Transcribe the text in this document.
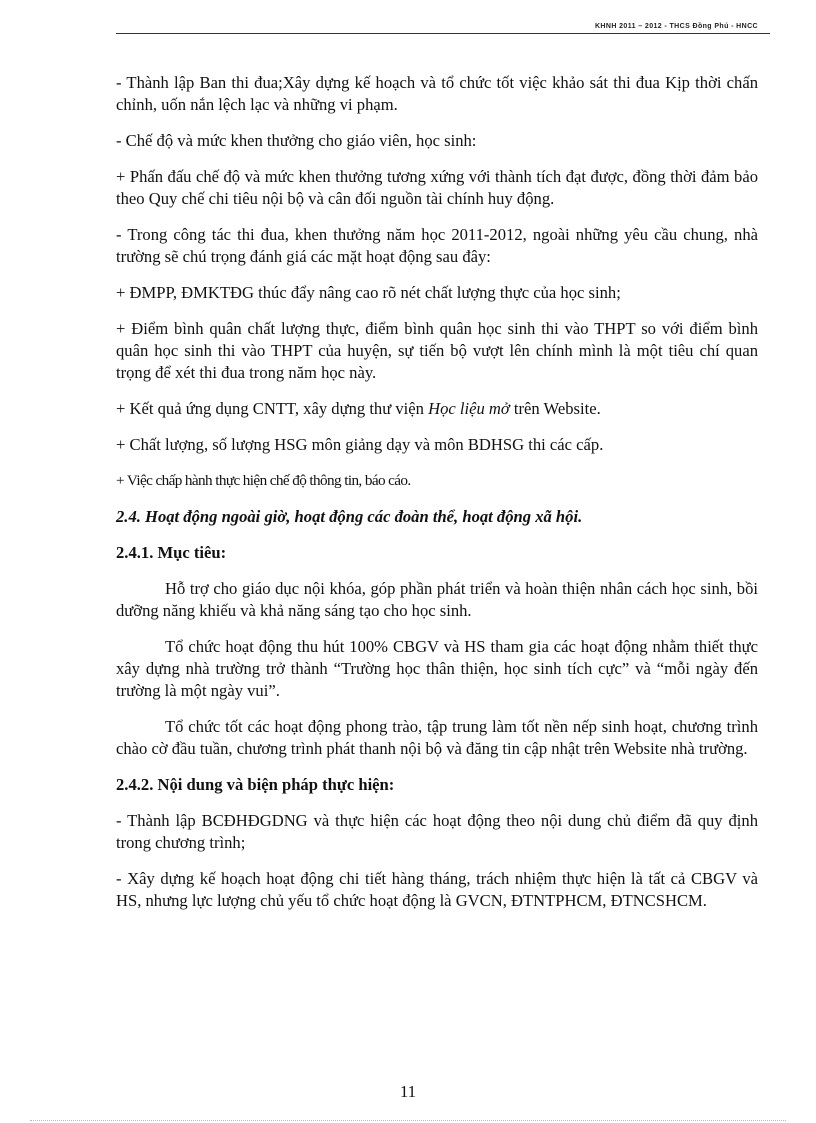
KHNH 2011 – 2012 - THCS Đồng Phú - HNCC

- Thành lập Ban thi đua;Xây dựng kế hoạch và tổ chức tốt việc khảo sát thi đua Kịp thời chấn chỉnh, uốn nắn lệch lạc và những vi phạm.

- Chế độ và mức khen thưởng cho giáo viên, học sinh:

+ Phấn đấu chế độ và mức khen thưởng tương xứng với thành tích đạt được, đồng thời đảm bảo theo Quy chế chi tiêu nội bộ và cân đối nguồn tài chính huy động.

- Trong công tác thi đua, khen thưởng năm học 2011-2012, ngoài những yêu cầu chung, nhà trường sẽ chú trọng đánh giá các mặt hoạt động sau đây:

+ ĐMPP, ĐMKTĐG thúc đẩy nâng cao rõ nét chất lượng thực của học sinh;

+ Điểm bình quân chất lượng thực, điểm bình quân học sinh thi vào THPT so với điểm bình quân học sinh thi vào THPT của huyện, sự tiến bộ vượt lên chính mình là một tiêu chí quan trọng để xét thi đua trong năm học này.

+ Kết quả ứng dụng CNTT, xây dựng thư viện Học liệu mở trên Website.

+ Chất lượng, số lượng HSG môn giảng dạy và môn BDHSG thi các cấp.

+ Việc chấp hành thực hiện chế độ thông tin, báo cáo.

2.4. Hoạt động ngoài giờ, hoạt động các đoàn thể, hoạt động xã hội.

2.4.1. Mục tiêu:

Hỗ trợ cho giáo dục nội khóa, góp phần phát triển và hoàn thiện nhân cách học sinh, bồi dưỡng năng khiếu và khả năng sáng tạo cho học sinh.

Tổ chức hoạt động thu hút 100% CBGV và HS tham gia các hoạt động nhằm thiết thực xây dựng nhà trường trở thành “Trường học thân thiện, học sinh tích cực” và “mỗi ngày đến trường là một ngày vui”.

Tổ chức tốt các hoạt động phong trào, tập trung làm tốt nền nếp sinh hoạt, chương trình chào cờ đầu tuần, chương trình phát thanh nội bộ và đăng tin cập nhật trên Website nhà trường.

2.4.2. Nội dung và biện pháp thực hiện:

- Thành lập BCĐHĐGDNG và thực hiện các hoạt động theo nội dung chủ điểm đã quy định trong chương trình;

- Xây dựng kế hoạch hoạt động chi tiết hàng tháng, trách nhiệm thực hiện là tất cả CBGV và HS, nhưng lực lượng chủ yếu tổ chức hoạt động là GVCN, ĐTNTPHCM, ĐTNCSHCM.

11
